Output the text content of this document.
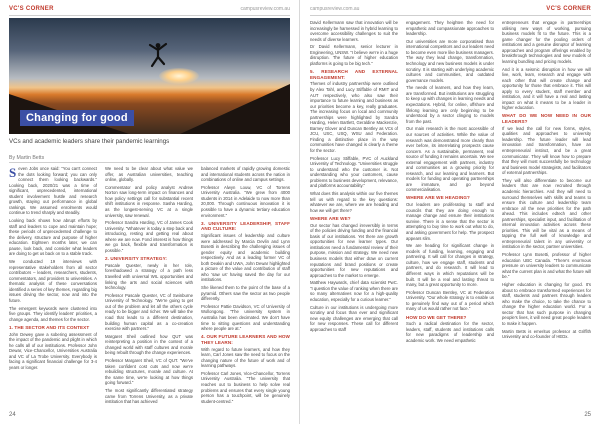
VC'S CORNER	campusreview.com.au
Changing for good
VCs and academic leaders share their pandemic learnings
By Martin Betts
S even Jobs once said: "You can't connect the dots looking forward; you can only connect them looking backwards." Looking back, 2020/21 was a time of significant, unprecedented, international student involvement hustle and research growth, staying out performance in global rankings. We assumed enrolments would continue to trend sharply and steadily.

Looking back shows how abrupt efforts by staff and leaders to cope and maintain hope; these periods of unprecedented challenge to the delivery, structure and purpose of higher education. Eighteen months later, we can pause, look back, and consider what leaders are doing to get us back on to a stable track.

We conducted 19 interviews with representative stakeholders from all sector contributors – leaders, researchers, students, commentators, and providers to universities. A thematic analysis of these conversations identified a series of key themes, regarding big issues driving the sector, now and into the future.

The emergent keywords were clustered into five groups. They identify leaders' priorities, a change agenda, and themes for the sector.

1. THE SECTOR AND ITS CONTEXT

John Dewey gave a sobering assessment of the impact of the pandemic and plight in which he calls all of our institutions. Professor John Dewar, Vice-Chancellor, Universities Australia and VC of La Trobe University. Everybody is facing a significant financial challenge for 3-4 years or longer.

We need to be clear about what value we offer, as Australian universities, teaching online, globally.

Commentator and policy analyst Andrew Norton saw long-term impact on finances and how policy settings call for substantial recent shift institutions in response. Sasha Harding, as the longest-serving VC at a single university, saw renewal.

Professor Sandra Harding, VC of James Cook University. "Whatever is today a step back and introducing, resting and getting real about where we are now. Fond interest is how things we go back, flexible and transformation is possible."

2. UNIVERSITY STRATEGY:

Pascale Quester, newly in her role, foreshadowed a strategy of a path less travelled with universal WIL opportunities and linking the arts and social sciences with technology.

Professor Pascale Quester, VC of Swinburne University of Technology. "We're going to get out of the problem and let all the others cycle ready to be bigger and richer. We will take the road that leads to a different destination, building human capital as a co-creation exercise with partners."

Margaret Sheil outlined how QUT was reinterpreting a position in the context of a changed world with staff cultures and morale being rebuilt through the change experiences.

Professor Margaret Sheil, VC of QUT. "We've taken confident cost cuts and now we're rebuilding structures, morale and culture. At the same time, we're looking at how things going forward."

The most significantly differentiated strategy came from Torrens University, as a private institution that has achieved

balanced markets of rapidly growing domestic and international students across the nation in combinations of online and campus settings.

Professor Alwyn Louw, VC of Torrens University Australia. "We grew from 4000 students in 2014 in Adelaide to now more than 20,000. Through continuous innovation it is possible to have a dynamic tertiary education environment."

3. UNIVERSITY LEADERSHIP, STAFF AND CULTURE:

Significant issues of leadership and culture were addressed by Marcia Devlin and Lynn Bosetti in describing the challenging issues of gender equity and academic building respectively. And as a leading former VC of both Deakin and UWA, John Dewar highlighted a picture of the value and contribution of staff who 'saw us' having saved the day for our institutions.

She likened them to the point of the base of a pyramid. Others saw the sector as two people differently.

Professor Pattie Davidson, VC of University of Wollongong. "The university system in Australia has been decimated. We don't have time to sitting questions and understanding where people are at."

4. OUR FUTURE LEARNERS AND HOW THEY LEARN:

With regard to future learners, and how they learn, Carl Jones saw the need to focus on the changing nature of the future of work and of learning pathways.

Professor Carl Jones, Vice-Chancellor, Torrens University Australia. "The university that reaches out to business to help solve real problems and ensures that every single young person has a touchpoint, will be genuinely student-centred."

24
campusreview.com.au	VC'S CORNER

David Kellermann saw that innovation will be increasingly be harnessed in hybrid learning to overcome accessibility challenges to suit the needs of diverse learners.

Dr David Kellermann, senior lecturer in Engineering, UNSW. "I believe we're in a huge disruption. The future of higher education platforms is going to be big tech."

5. RESEARCH AND EXTERNAL ENGAGEMENT:

Themes of industry partnership were outlined by Alex Tahl, and Lucy Stiffable of RMIT and AUT respectively, who also saw their importance to future learning and business as our priorities become a key, really graduates. The increasing focus on local and community partnerships were highlighted by Sandra Harding, Helen Bartlett, Geraldine Mackenzie, Barney Glover and Duncan Bentley as VCs of JCU, USC, USQ, WSU and Federation. Finding a distinctive place in the way communities have changed is clearly a theme for the sector.

Professor Lucy Stiffable, PVC of Auckland University of Technology. "Universities struggle to understand who the customer is. Not understanding who your customers, cause problems to business development, relevance, and platforms accountability."

What does this analysis within our five themes tell us with regard to the key questions: whatever we are, where we are heading and how we will get there?

WHERE ARE WE?

Our sector has changed irreversibly in terms of the policies driving funding and the financial basis of our institutions. Yet there are growth opportunities for new learner types. Our institutions need a fundamental review of their purpose, mission and strategy. We need new business models that either draw on current reputations and brand positions or create opportunities for new reputations and approaches to the market to emerge.

Matthew Haywards, chief data scientist PwC. "I question the value of ranking when there are so many alternatives now for a high-quality education, especially for a curious learner."

Culture in our institutions is undergoing more scrutiny and focus than ever and significant new equity challenges are emerging that call for new responses. These call for different approaches to staff

engagement. They heighten the need for empathetic and compassionate approaches to leadership.

Our universities are more corporatised than international competitors and our leaders need to become even more like business managers. The way they lead change, transformation, technology and new business models is under scrutiny. It is starting with underlying academic cultures and communities, and outdated governance models.

The needs of learners, and how they learn, are transformed. But institutions are struggling to keep up with changes in learning needs and expectations. Hybrid, for online, offshore and lifelong learning are only beginning to be understood by a sector clinging to models from the past.

Our main research is the most accessible of our sources of activities. While the value of research was demonstrated more clearly than ever before, its interrelating prospects cause concern. As a sustainable, permanent, real source of funding it remains uncertain. We see external engagement with partners, industry and communities as a growing priority for research, and our learning and learners. But models for funding and operating partnerships are immature, and go beyond commercialisation.

WHERE ARE WE HEADING?

Our leaders are proliferating to staff and councils that they are doing enough to manage change and ensure their institutions survive. There is a sense that the sector is attempting to buy time to work out what to do, and asking government for help. The prospect appears slim.

We are heading for significant change in models of funding, learning, engaging and partnering. It will call for changes in strategy, culture, how we engage staff, students and partners, and do research. It will lead to different ways in which reputations will be built. It will be a real and lasting threat to many, but a great opportunity to more.

Professor Duncan Bentley, VC at Federation University. "Our whole strategy is to enable us to genuinely find way out of a period which many of us would rather not face."

HOW DO WE GET THERE?

Such a radical destination for the sector, leaders, staff, students and institutions calls for new paradigms of leadership and academic work. We need empathetic

entrepreneurs that engage in partnerships utilising new ways of working, pursuing business models fit to the future. This is a game changer for the pooling orders of institutions and a genuine disruptor of learning approaches and program offerings enabled by breakthrough technologies and new models of learning bundling and pricing models.

And it is a seismic disruption in how we will live, work, learn, research and engage with each other that will create change and opportunity for those that embrace it. This will apply to every student, staff member and institution, and it will have a real and lasting impact on what it means to be a leader in higher education.

WHAT DO WE NOW NEED IN OUR LEADERS?

If we lead the call for new forms, styles, qualities and approaches to university leadership. The future leader will lead innovation and transformation, have an entrepreneurial instinct, and be a great communicator. They will know how to prepare that they will most successfully be technology and business model strategists, and facilitators of external partnerships.

They will also differentiate to become our leaders that are now recruited through academic hierarchies. And they will need to surround themselves with skills and teams to ensure this culture and leadership team embrace all the new priorities for the path ahead. This includes edtech and other partnerships, specialist input, and facilitation of internal innovation activities across these priorities. This will be vital as a means of tapping the full well of knowledge and entrepreneurial talent in any university or institution in the sector, partner universities.

Professor Lynn Bosetti, professor of higher education UBC Canada. "There's enormous pressure on university leaders to communicate what the current plan is and what the future will be."

Higher education is changing for good. It's about to embrace transformed experiences for staff, students and partners through leaders who make the choice, to take the chance to change the higher education world. For a sector that has such purpose in changing people's lives, it will need great people leaders to make it happen.

Martin Betts is emeritus professor at Griffith University and co-founder of HEDx.

25
